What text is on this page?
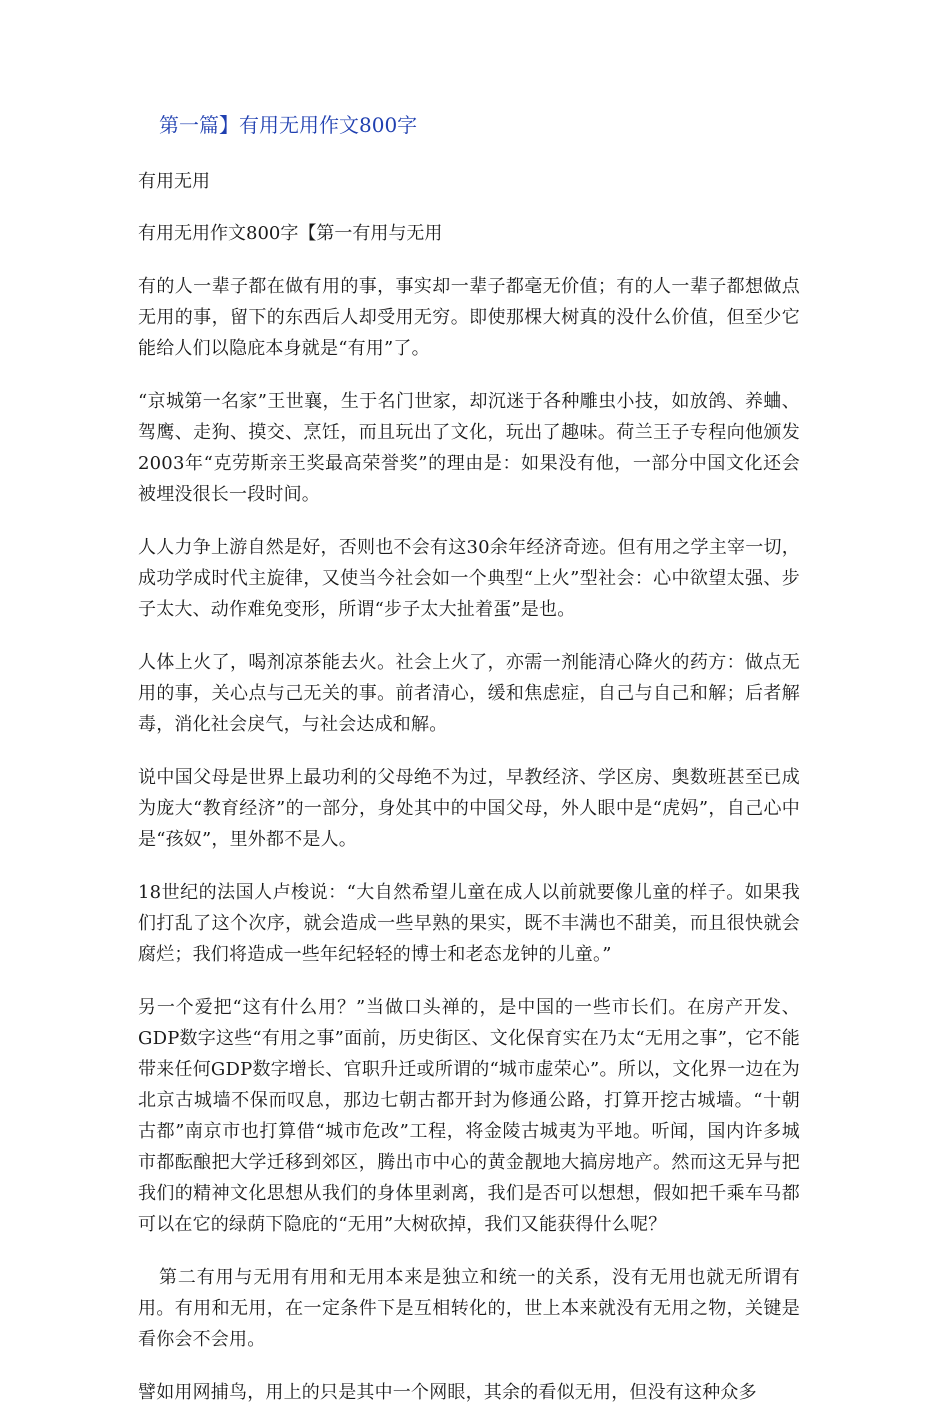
第一篇】有用无用作文800字
有用无用
有用无用作文800字【第一有用与无用

有的人一辈子都在做有用的事，事实却一辈子都毫无价值；有的人一辈子都想做点无用的事，留下的东西后人却受用无穷。即使那棵大树真的没什么价值，但至少它能给人们以隐庇本身就是“有用”了。

“京城第一名家”王世襄，生于名门世家，却沉迷于各种雕虫小技，如放鸽、养蛐、驾鹰、走狗、摸交、烹饪，而且玩出了文化，玩出了趣味。荷兰王子专程向他颁发2003年“克劳斯亲王奖最高荣誉奖”的理由是：如果没有他，一部分中国文化还会被埋没很长一段时间。

人人力争上游自然是好，否则也不会有这30余年经济奇迹。但有用之学主宰一切，成功学成时代主旋律，又使当今社会如一个典型“上火”型社会：心中欲望太强、步子太大、动作难免变形，所谓“步子太大扯着蛋”是也。

人体上火了，喝剂凉茶能去火。社会上火了，亦需一剂能清心降火的药方：做点无用的事，关心点与己无关的事。前者清心，缓和焦虑症，自己与自己和解；后者解毒，消化社会戾气，与社会达成和解。

说中国父母是世界上最功利的父母绝不为过，早教经济、学区房、奥数班甚至已成为庞大“教育经济”的一部分，身处其中的中国父母，外人眼中是“虎妈”，自己心中是“孩奴”，里外都不是人。

18世纪的法国人卢梭说：“大自然希望儿童在成人以前就要像儿童的样子。如果我们打乱了这个次序，就会造成一些早熟的果实，既不丰满也不甜美，而且很快就会腐烂；我们将造成一些年纪轻轻的博士和老态龙钟的儿童。”

另一个爱把“这有什么用？”当做口头禅的，是中国的一些市长们。在房产开发、GDP数字这些“有用之事”面前，历史街区、文化保育实在乃太“无用之事”，它不能带来任何GDP数字增长、官职升迁或所谓的“城市虚荣心”。所以，文化界一边在为北京古城墙不保而叹息，那边七朝古都开封为修通公路，打算开挖古城墙。“十朝古都”南京市也打算借“城市危改”工程，将金陵古城夷为平地。听闻，国内许多城市都酝酿把大学迁移到郊区，腾出市中心的黄金靓地大搞房地产。然而这无异与把我们的精神文化思想从我们的身体里剥离，我们是否可以想想，假如把千乘车马都可以在它的绿荫下隐庇的“无用”大树砍掉，我们又能获得什么呢？

第二有用与无用有用和无用本来是独立和统一的关系，没有无用也就无所谓有用。有用和无用，在一定条件下是互相转化的，世上本来就没有无用之物，关键是看你会不会用。

譬如用网捕鸟，用上的只是其中一个网眼，其余的看似无用，但没有这种众多
